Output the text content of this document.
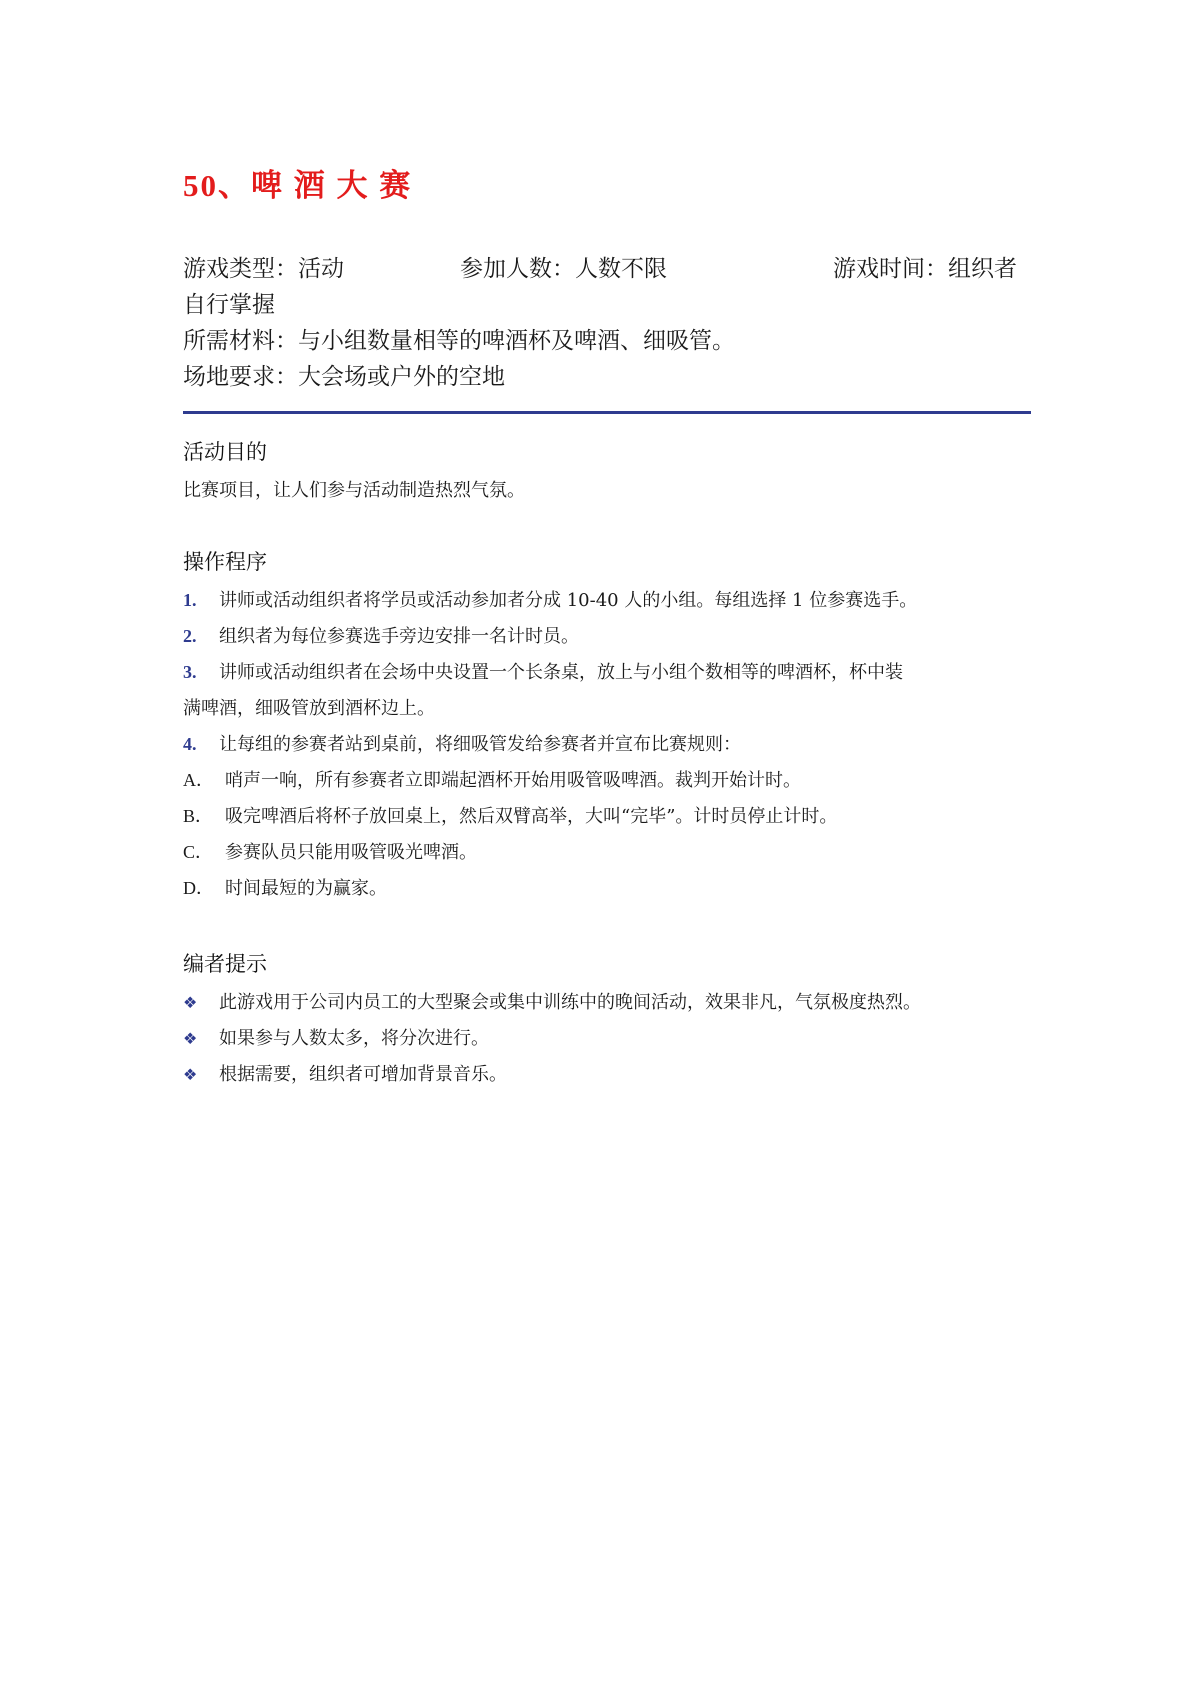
50、啤 酒 大 赛
游戏类型：活动	参加人数：人数不限	游戏时间：组织者
自行掌握
所需材料：与小组数量相等的啤酒杯及啤酒、细吸管。
场地要求：大会场或户外的空地
活动目的
比赛项目，让人们参与活动制造热烈气氛。
操作程序
1. 讲师或活动组织者将学员或活动参加者分成 10-40 人的小组。每组选择 1 位参赛选手。
2. 组织者为每位参赛选手旁边安排一名计时员。
3. 讲师或活动组织者在会场中央设置一个长条桌，放上与小组个数相等的啤酒杯，杯中装
满啤酒，细吸管放到酒杯边上。
4. 让每组的参赛者站到桌前，将细吸管发给参赛者并宣布比赛规则：
A． 哨声一响，所有参赛者立即端起酒杯开始用吸管吸啤酒。裁判开始计时。
B． 吸完啤酒后将杯子放回桌上，然后双臂高举，大叫“完毕”。计时员停止计时。
C． 参赛队员只能用吸管吸光啤酒。
D． 时间最短的为赢家。
编者提示
❖ 此游戏用于公司内员工的大型聚会或集中训练中的晚间活动，效果非凡，气氛极度热烈。
❖ 如果参与人数太多，将分次进行。
❖ 根据需要，组织者可增加背景音乐。
